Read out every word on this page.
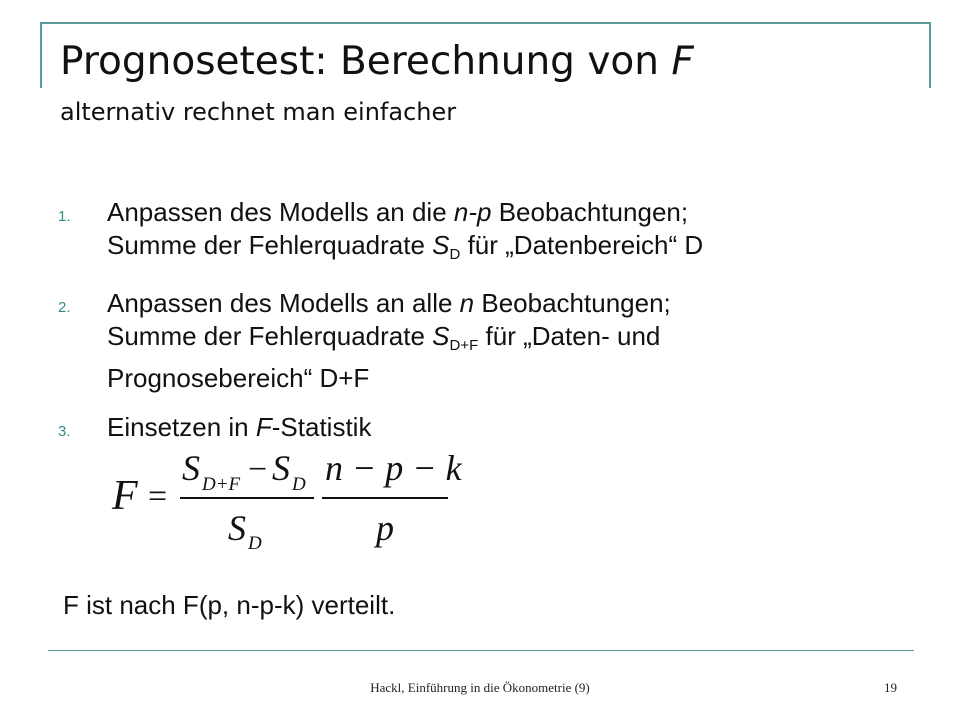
Prognosetest: Berechnung von F
alternativ rechnet man einfacher
1. Anpassen des Modells an die n-p Beobachtungen;
Summe der Fehlerquadrate $S_D$ für „Datenbereich“ D
2. Anpassen des Modells an alle n Beobachtungen;
Summe der Fehlerquadrate $S_{D+F}$ für „Daten- und
Prognosebereich“ D+F
3. Einsetzen in F-Statistik
F =
S D+F − S D
S D
n − p − k
p
F ist nach F(p, n-p-k) verteilt.
Hackl, Einführung in die Ökonometrie (9)	19
